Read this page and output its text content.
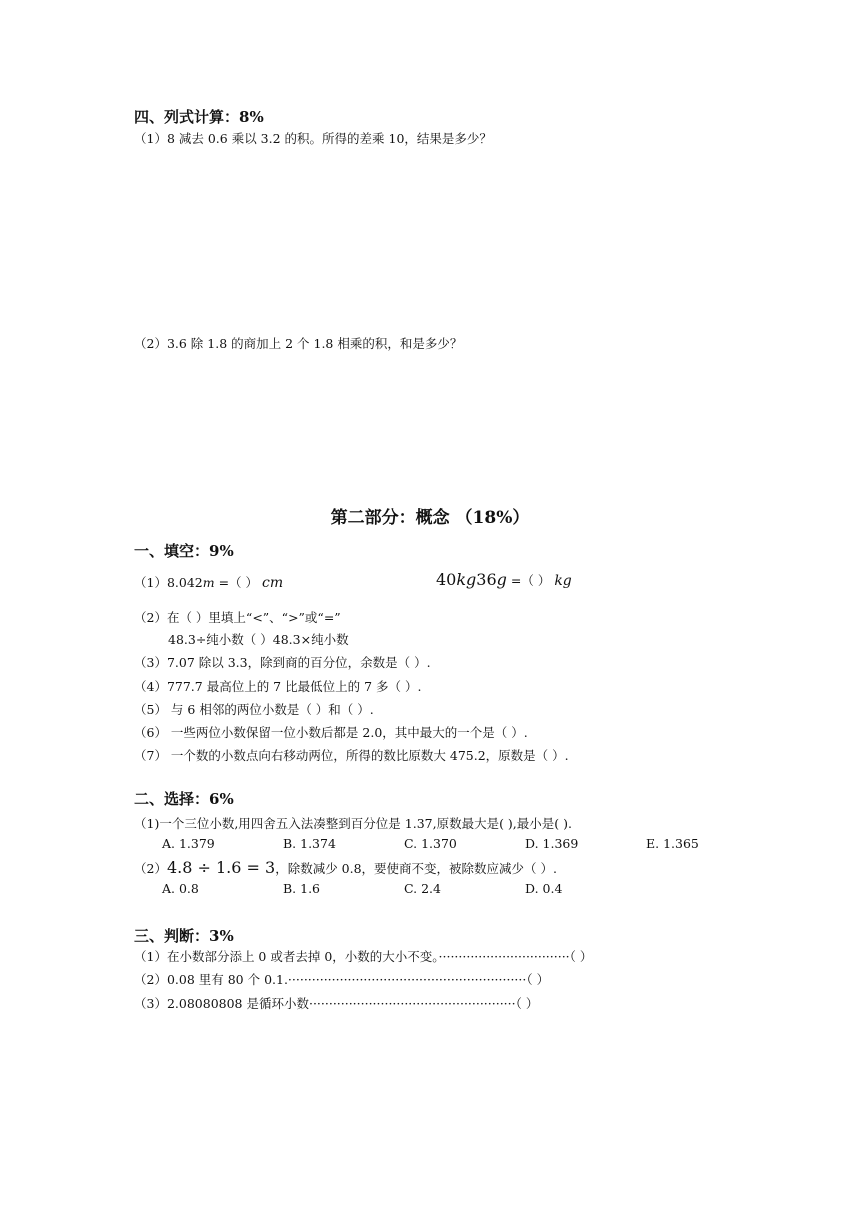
四、列式计算：8%
（1）8 减去 0.6 乘以 3.2 的积。所得的差乘 10，结果是多少？
（2）3.6 除 1.8 的商加上 2 个 1.8 相乘的积，和是多少？
第二部分：概念 （18%）
一、填空：9%
（1）8.042m =（ ） cm	40kg36g =（ ） kg
（2）在（ ）里填上“<”、“>”或“=”
48.3÷纯小数（ ）48.3×纯小数
（3）7.07 除以 3.3，除到商的百分位，余数是（ ）.
（4）777.7 最高位上的 7 比最低位上的 7 多（ ）.
（5） 与 6 相邻的两位小数是（ ）和（ ）.
（6） 一些两位小数保留一位小数后都是 2.0，其中最大的一个是（ ）.
（7） 一个数的小数点向右移动两位，所得的数比原数大 475.2，原数是（ ）.
二、选择：6%
（1)一个三位小数,用四舍五入法凑整到百分位是 1.37,原数最大是( ),最小是( ).
A. 1.379	B. 1.374	C. 1.370	D. 1.369	E. 1.365
（2）4.8 ÷ 1.6 = 3，除数减少 0.8，要使商不变，被除数应减少（ ）.
A. 0.8	B. 1.6	C. 2.4	D. 0.4
三、判断：3%
（1）在小数部分添上 0 或者去掉 0，小数的大小不变。·································（ ）
（2）0.08 里有 80 个 0.1.····························································（ ）
（3）2.08080808 是循环小数····················································（ ）
